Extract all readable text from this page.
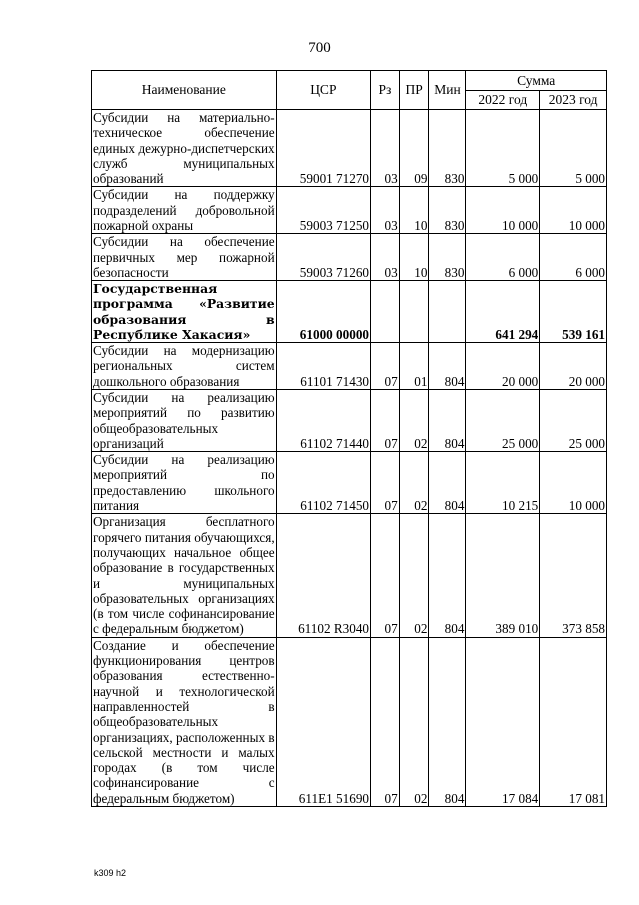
700
Наименование	ЦСР	Рз	ПР	Мин	Сумма	
					2022 год	2023 год
Субсидии на материально-техническое обеспечение единых дежурно-диспетчерских служб муниципальных образований	59001 71270	03	09	830	5 000	5 000
Субсидии на поддержку подразделений добровольной пожарной охраны	59003 71250	03	10	830	10 000	10 000
Субсидии на обеспечение первичных мер пожарной безопасности	59003 71260	03	10	830	6 000	6 000
Государственная программа «Развитие образования в Республике Хакасия»	61000 00000				641 294	539 161
Субсидии на модернизацию региональных систем дошкольного образования	61101 71430	07	01	804	20 000	20 000
Субсидии на реализацию мероприятий по развитию общеобразовательных организаций	61102 71440	07	02	804	25 000	25 000
Субсидии на реализацию мероприятий по предоставлению школьного питания	61102 71450	07	02	804	10 215	10 000
Организация бесплатного горячего питания обучающихся, получающих начальное общее образование в государственных и муниципальных образовательных организациях (в том числе софинансирование с федеральным бюджетом)	61102 R3040	07	02	804	389 010	373 858
Создание и обеспечение функционирования центров образования естественно-научной и технологической направленностей в общеобразовательных организациях, расположенных в сельской местности и малых городах (в том числе софинансирование с федеральным бюджетом)	611E1 51690	07	02	804	17 084	17 081
k309 h2
